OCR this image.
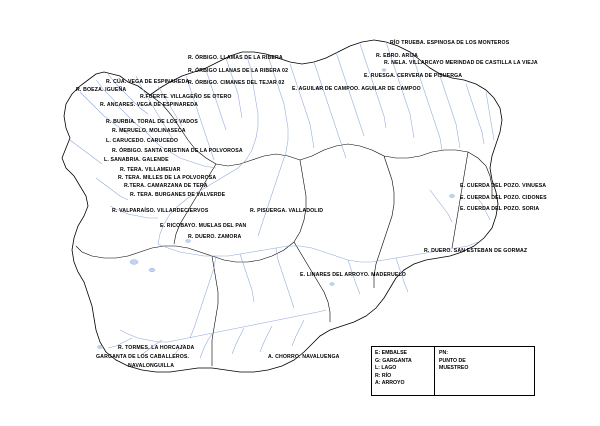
R. ÓRBIGO. LLAMAS DE LA RIBERA
R. ÓRBIGO LLANAS DE LA RIBERA 02
R. ÓRBIGO. CIMANES DEL TEJAR 02
R. CÚA. VEGA DE ESPINAREDA
R. BOEZA. IGUEÑA
R.FUERTE. VILLAGEÑO SE OTERO
R. ANCARES. VEGA DE ESPINAREDA
R. BURBIA. TORAL DE LOS VADOS
R. MERUELO. MOLINASECA
L. CARUCEDO. CARUCEDO
R. ÓRBIGO. SANTA CRISTINA DE LA POLVOROSA
L. SANABRIA. GALENDE
R. TERA. VILLAMEUAR
R. TERA. MILLES DE LA POLVOROSA
R.TERA. CAMARZANA DE TERA
R. TERA. BURGANES DE VALVERDE
R. VALPARAÍSO. VILLARDECIERVOS
E. RICOBAYO. MUELAS DEL PAN
R. DUERO. ZAMORA
R. PISUERGA. VALLADOLID
RÍO TRUEBA. ESPINOSA DE LOS MONTEROS
R. EBRO. ARIJA
R. NELA. VILLARCAYO MERINDAD DE CASTILLA LA VIEJA
E. RUESGA. CERVERA DE PISUERGA
E. AGUILAR DE CAMPOO. AGUILAR DE CAMPOO
E. CUERDA DEL POZO. VINUESA
E. CUERDA DEL POZO. CIDONES
E. CUERDA DEL POZO. SORIA
R. DUERO. SAN ESTEBAN DE GORMAZ
E. LINARES DEL ARROYO. MADERUELO
R. TORMES. LA HORCAJADA
GARGANTA DE LOS CABALLEROS.
NAVALONGUILLA
A. CHORRO. NAVALUENGA
E: EMBALSE
G: GARGANTA
L: LAGO
R: RÍO
A: ARROYO
PN:
PUNTO DE
MUESTREO
